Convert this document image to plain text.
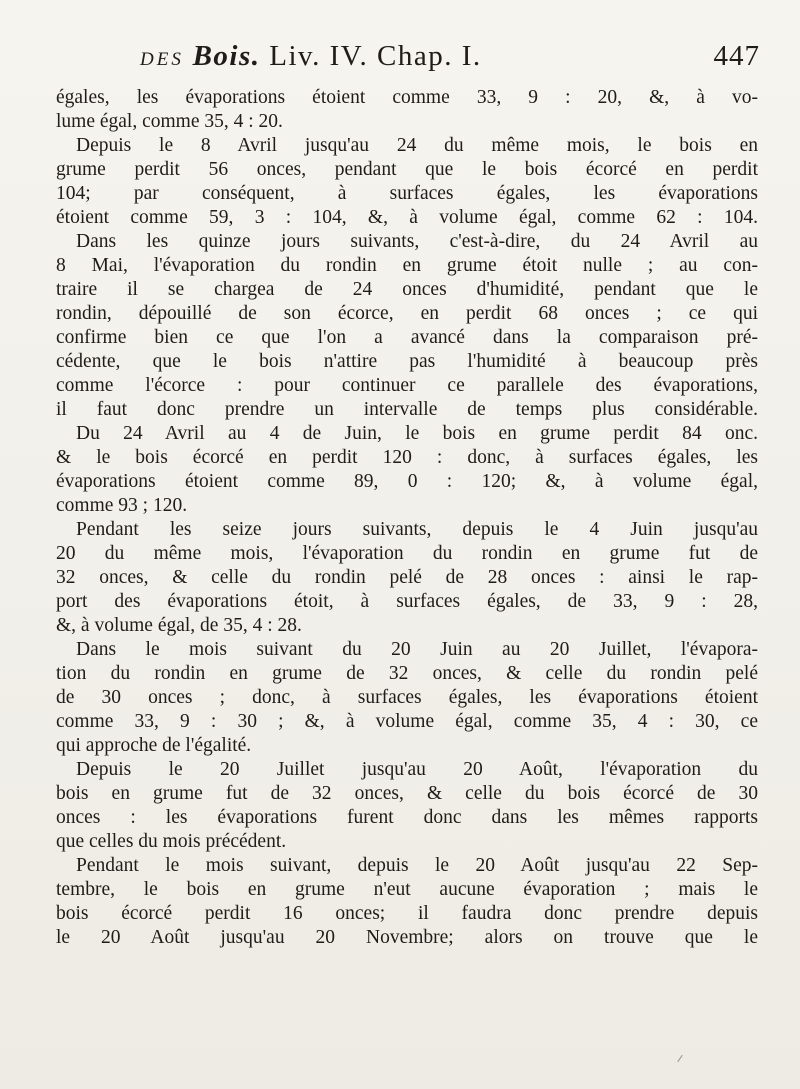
DES Bois. Liv. IV. Chap. I.	447
égales, les évaporations étoient comme 33, 9 : 20, &, à vo-
lume égal, comme 35, 4 : 20.
Depuis le 8 Avril jusqu'au 24 du même mois, le bois en
grume perdit 56 onces, pendant que le bois écorcé en perdit
104; par conséquent, à surfaces égales, les évaporations
étoient comme 59, 3 : 104, &, à volume égal, comme 62 : 104.
Dans les quinze jours suivants, c'est-à-dire, du 24 Avril au
8 Mai, l'évaporation du rondin en grume étoit nulle ; au con-
traire il se chargea de 24 onces d'humidité, pendant que le
rondin, dépouillé de son écorce, en perdit 68 onces ; ce qui
confirme bien ce que l'on a avancé dans la comparaison pré-
cédente, que le bois n'attire pas l'humidité à beaucoup près
comme l'écorce : pour continuer ce parallele des évaporations,
il faut donc prendre un intervalle de temps plus considérable.
Du 24 Avril au 4 de Juin, le bois en grume perdit 84 onc.
& le bois écorcé en perdit 120 : donc, à surfaces égales, les
évaporations étoient comme 89, 0 : 120; &, à volume égal,
comme 93 ; 120.
Pendant les seize jours suivants, depuis le 4 Juin jusqu'au
20 du même mois, l'évaporation du rondin en grume fut de
32 onces, & celle du rondin pelé de 28 onces : ainsi le rap-
port des évaporations étoit, à surfaces égales, de 33, 9 : 28,
&, à volume égal, de 35, 4 : 28.
Dans le mois suivant du 20 Juin au 20 Juillet, l'évapora-
tion du rondin en grume de 32 onces, & celle du rondin pelé
de 30 onces ; donc, à surfaces égales, les évaporations étoient
comme 33, 9 : 30 ; &, à volume égal, comme 35, 4 : 30, ce
qui approche de l'égalité.
Depuis le 20 Juillet jusqu'au 20 Août, l'évaporation du
bois en grume fut de 32 onces, & celle du bois écorcé de 30
onces : les évaporations furent donc dans les mêmes rapports
que celles du mois précédent.
Pendant le mois suivant, depuis le 20 Août jusqu'au 22 Sep-
tembre, le bois en grume n'eut aucune évaporation ; mais le
bois écorcé perdit 16 onces; il faudra donc prendre depuis
le 20 Août jusqu'au 20 Novembre; alors on trouve que le
